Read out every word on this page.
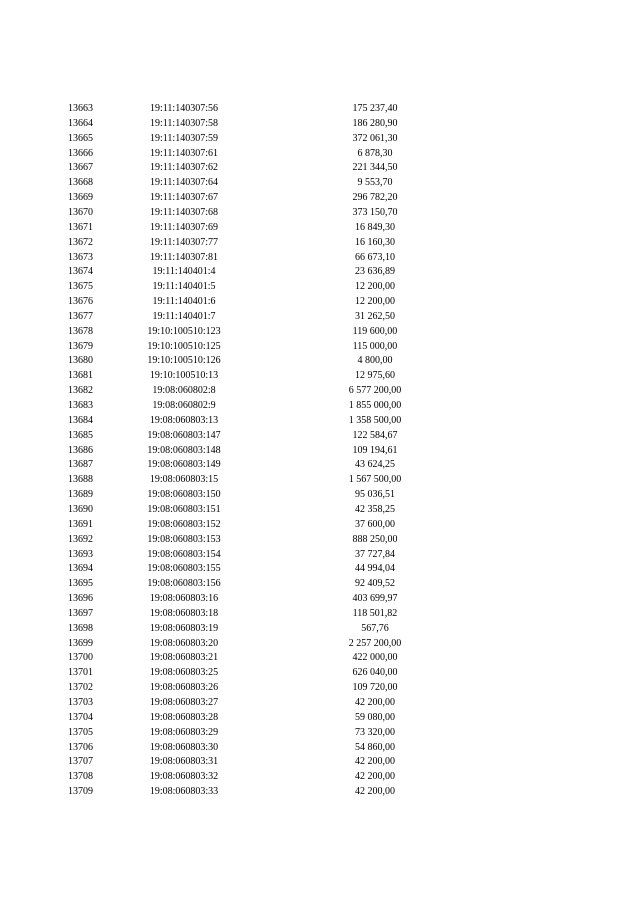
13663	19:11:140307:56	175 237,40
13664	19:11:140307:58	186 280,90
13665	19:11:140307:59	372 061,30
13666	19:11:140307:61	6 878,30
13667	19:11:140307:62	221 344,50
13668	19:11:140307:64	9 553,70
13669	19:11:140307:67	296 782,20
13670	19:11:140307:68	373 150,70
13671	19:11:140307:69	16 849,30
13672	19:11:140307:77	16 160,30
13673	19:11:140307:81	66 673,10
13674	19:11:140401:4	23 636,89
13675	19:11:140401:5	12 200,00
13676	19:11:140401:6	12 200,00
13677	19:11:140401:7	31 262,50
13678	19:10:100510:123	119 600,00
13679	19:10:100510:125	115 000,00
13680	19:10:100510:126	4 800,00
13681	19:10:100510:13	12 975,60
13682	19:08:060802:8	6 577 200,00
13683	19:08:060802:9	1 855 000,00
13684	19:08:060803:13	1 358 500,00
13685	19:08:060803:147	122 584,67
13686	19:08:060803:148	109 194,61
13687	19:08:060803:149	43 624,25
13688	19:08:060803:15	1 567 500,00
13689	19:08:060803:150	95 036,51
13690	19:08:060803:151	42 358,25
13691	19:08:060803:152	37 600,00
13692	19:08:060803:153	888 250,00
13693	19:08:060803:154	37 727,84
13694	19:08:060803:155	44 994,04
13695	19:08:060803:156	92 409,52
13696	19:08:060803:16	403 699,97
13697	19:08:060803:18	118 501,82
13698	19:08:060803:19	567,76
13699	19:08:060803:20	2 257 200,00
13700	19:08:060803:21	422 000,00
13701	19:08:060803:25	626 040,00
13702	19:08:060803:26	109 720,00
13703	19:08:060803:27	42 200,00
13704	19:08:060803:28	59 080,00
13705	19:08:060803:29	73 320,00
13706	19:08:060803:30	54 860,00
13707	19:08:060803:31	42 200,00
13708	19:08:060803:32	42 200,00
13709	19:08:060803:33	42 200,00
